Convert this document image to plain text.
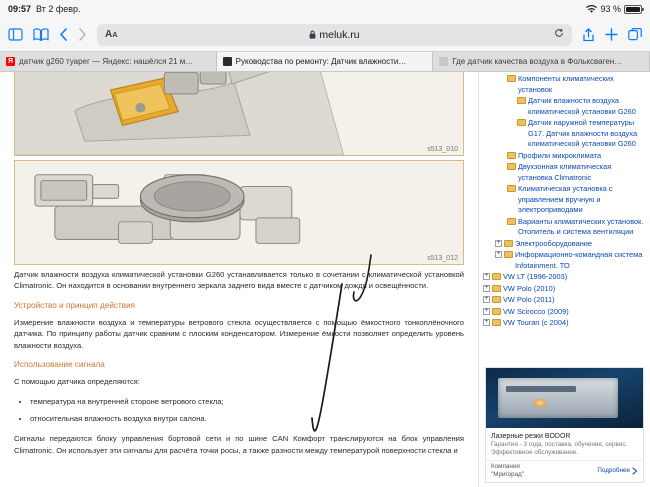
09:57 Вт 2 февр.	93 %
AA	meluk.ru
Я датчик g260 туарег — Яндекс: нашёлся 21 м…	Руководства по ремонту: Датчик влажности…	Где датчик качества воздуха в Фольксваген…
s513_010
s513_012

Датчик влажности воздуха климатической установки G260 устанавливается только в сочетании с климатической установкой Climatronic. Он находится в основании внутреннего зеркала заднего вида вместе с датчиком дождя и освещённости.

Устройство и принцип действия

Измерение влажности воздуха и температуры ветрового стекла осуществляется с помощью ёмкостного тонкоплёночного датчика. По принципу работы датчик сравним с плоским конденсатором. Измерение ёмкости позволяет определить уровень влажности воздуха.

Использование сигнала

С помощью датчика определяются:

• температура на внутренней стороне ветрового стекла;
• относительная влажность воздуха внутри салона.

Сигналы передаются блоку управления бортовой сети и по шине CAN Комфорт транслируются на блок управления Climatronic. Он использует эти сигналы для расчёта точки росы, а также разности между температурой поверхности стекла и

Компоненты климатических установок
Датчик влажности воздуха климатической установки G260
Датчик наружной температуры G17. Датчик влажности воздуха климатической установки G260
Профили микроклимата
Двухзонная климатическая установка Climatronic
Климатическая установка с управлением вручную и электроприводами
Варианты климатических установок. Отопитель и система вентиляции
+ Электрооборудование
+ Информационно-командная система Infotainment. ТО
+ VW LT (1996-2003)
+ VW Polo (2010)
+ VW Polo (2011)
+ VW Scirocco (2009)
+ VW Touran (с 2004)
Лазерные резки BODOR
Гарантия - 3 года, поставка, обучение, сервис. Эффективное обслуживание.
Компания
"Мригорад"
Подробнее
